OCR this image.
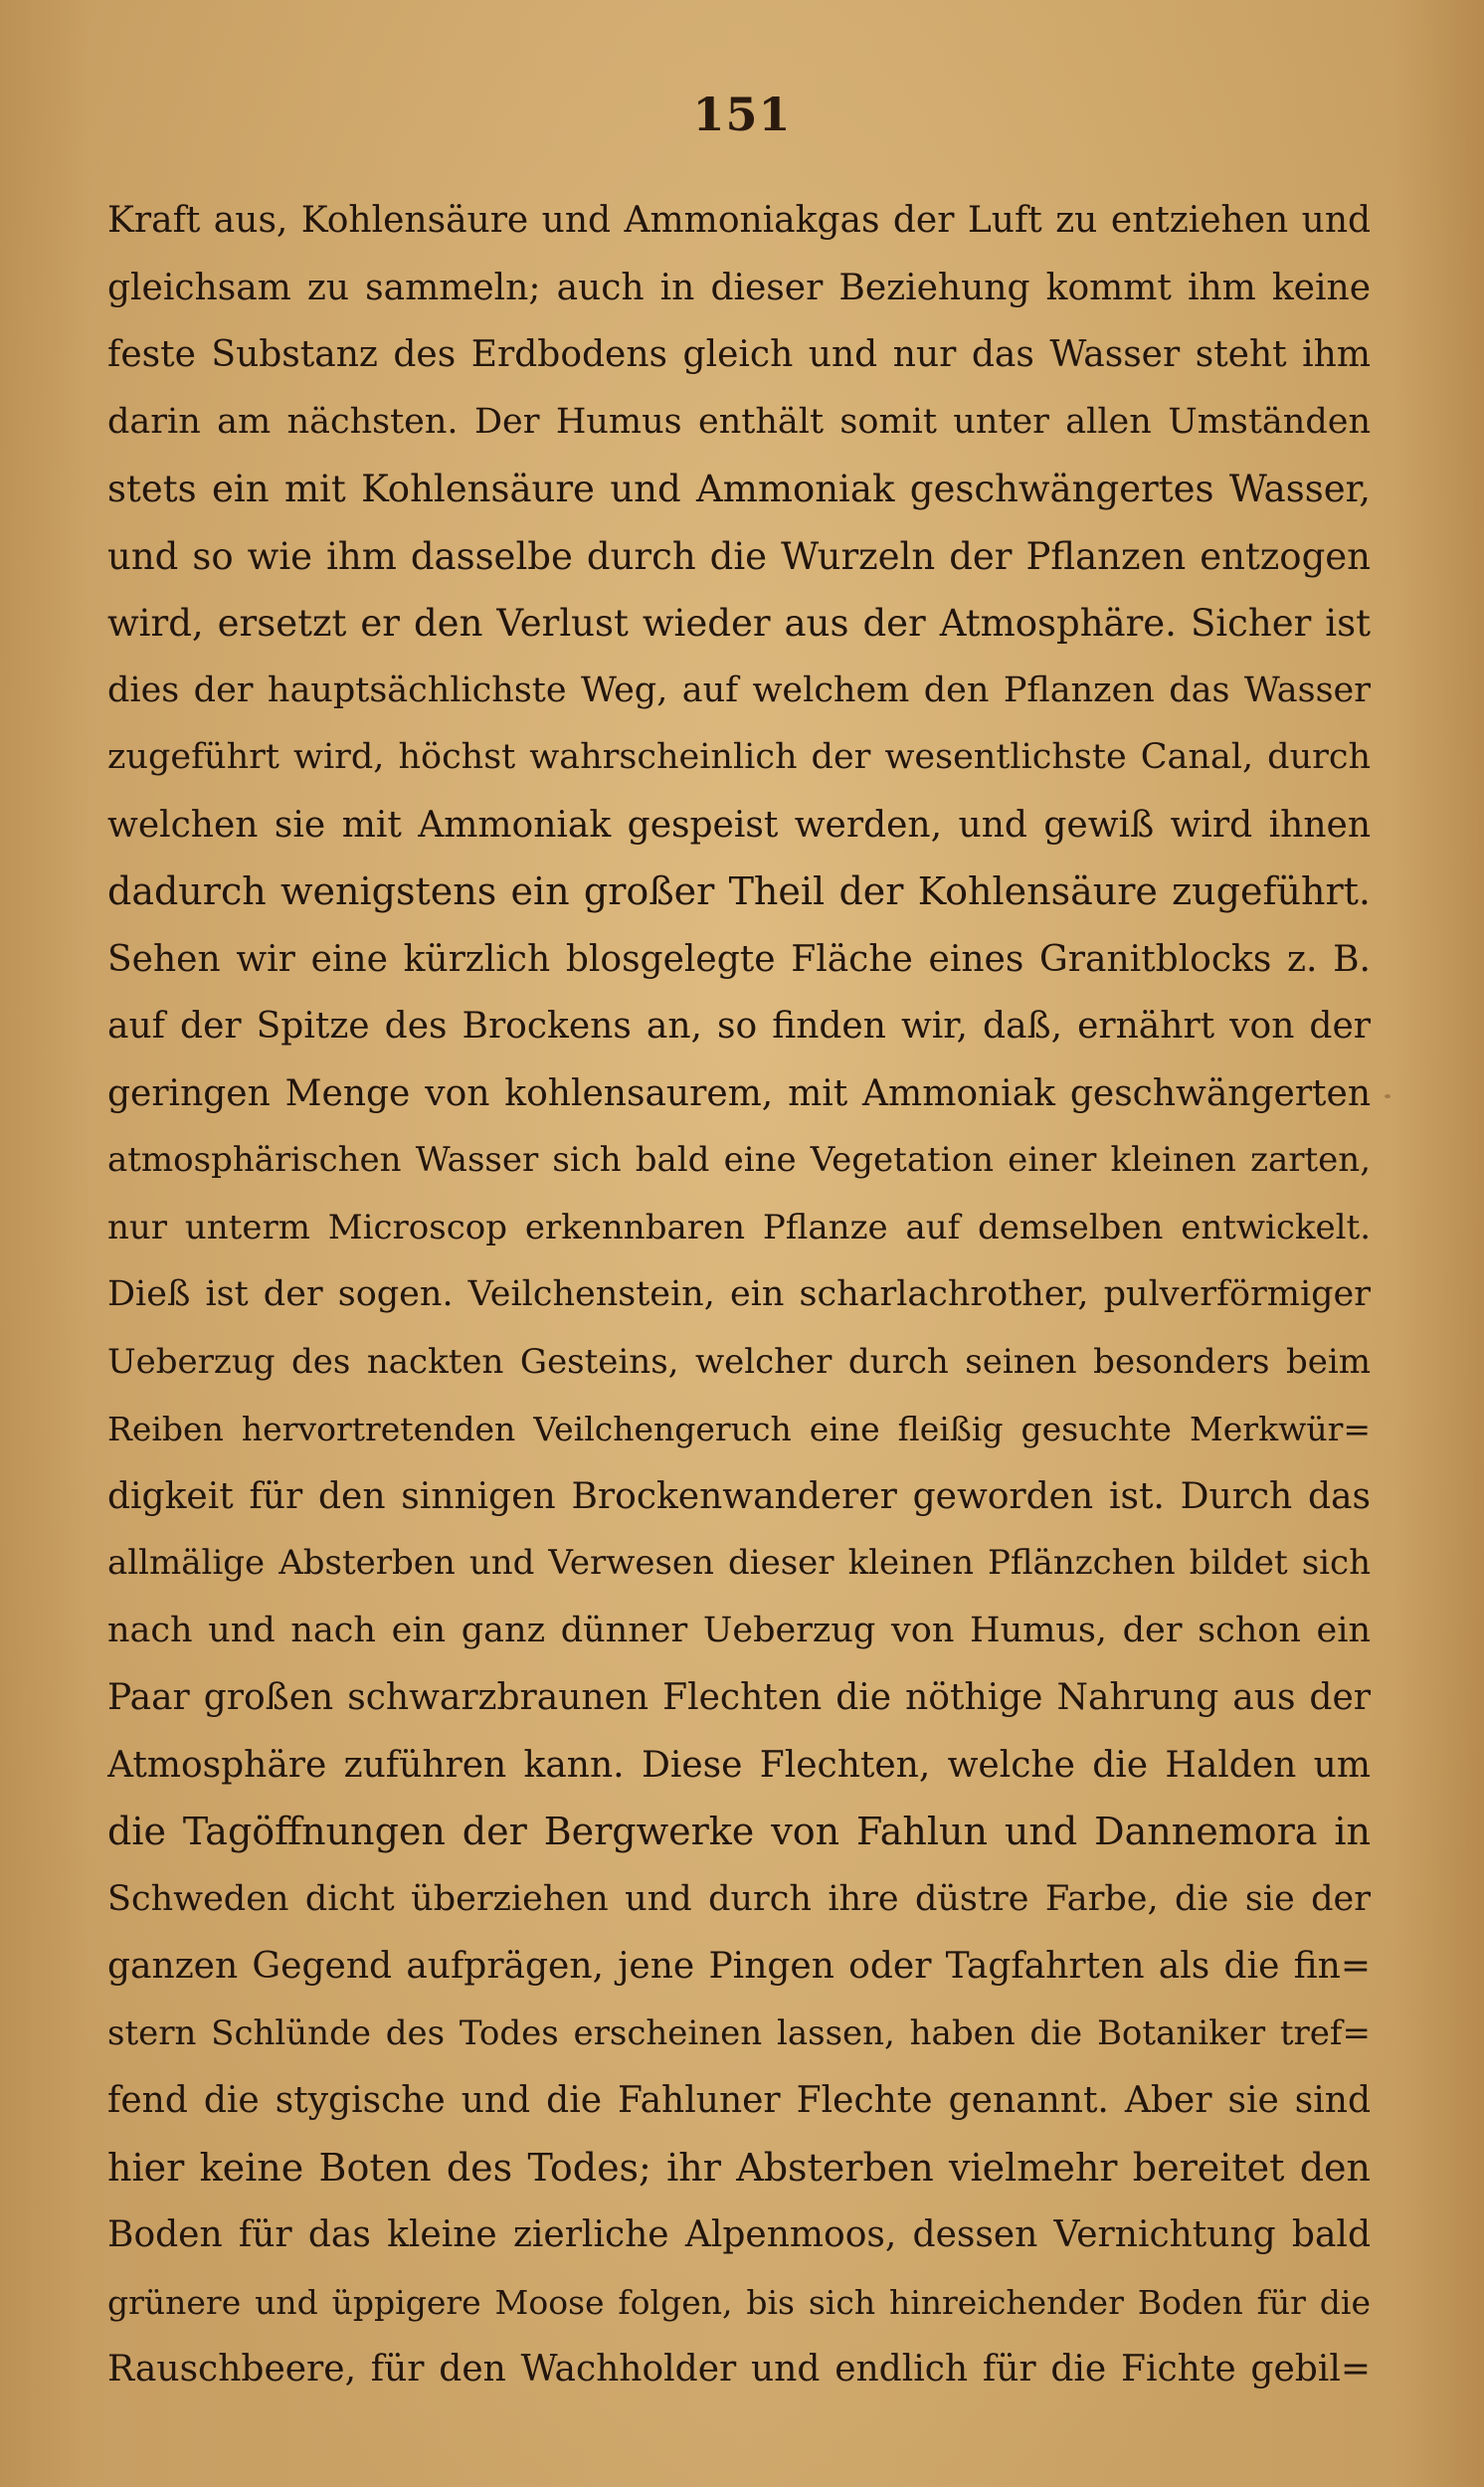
151
Kraft aus, Kohlensäure und Ammoniakgas der Luft zu entziehen und
gleichsam zu sammeln; auch in dieser Beziehung kommt ihm keine
feste Substanz des Erdbodens gleich und nur das Wasser steht ihm
darin am nächsten. Der Humus enthält somit unter allen Umständen
stets ein mit Kohlensäure und Ammoniak geschwängertes Wasser,
und so wie ihm dasselbe durch die Wurzeln der Pflanzen entzogen
wird, ersetzt er den Verlust wieder aus der Atmosphäre. Sicher ist
dies der hauptsächlichste Weg, auf welchem den Pflanzen das Wasser
zugeführt wird, höchst wahrscheinlich der wesentlichste Canal, durch
welchen sie mit Ammoniak gespeist werden, und gewiß wird ihnen
dadurch wenigstens ein großer Theil der Kohlensäure zugeführt.
Sehen wir eine kürzlich blosgelegte Fläche eines Granitblocks z. B.
auf der Spitze des Brockens an, so finden wir, daß, ernährt von der
geringen Menge von kohlensaurem, mit Ammoniak geschwängerten
atmosphärischen Wasser sich bald eine Vegetation einer kleinen zarten,
nur unterm Microscop erkennbaren Pflanze auf demselben entwickelt.
Dieß ist der sogen. Veilchenstein, ein scharlachrother, pulverförmiger
Ueberzug des nackten Gesteins, welcher durch seinen besonders beim
Reiben hervortretenden Veilchengeruch eine fleißig gesuchte Merkwür=
digkeit für den sinnigen Brockenwanderer geworden ist. Durch das
allmälige Absterben und Verwesen dieser kleinen Pflänzchen bildet sich
nach und nach ein ganz dünner Ueberzug von Humus, der schon ein
Paar großen schwarzbraunen Flechten die nöthige Nahrung aus der
Atmosphäre zuführen kann. Diese Flechten, welche die Halden um
die Tagöffnungen der Bergwerke von Fahlun und Dannemora in
Schweden dicht überziehen und durch ihre düstre Farbe, die sie der
ganzen Gegend aufprägen, jene Pingen oder Tagfahrten als die fin=
stern Schlünde des Todes erscheinen lassen, haben die Botaniker tref=
fend die stygische und die Fahluner Flechte genannt. Aber sie sind
hier keine Boten des Todes; ihr Absterben vielmehr bereitet den
Boden für das kleine zierliche Alpenmoos, dessen Vernichtung bald
grünere und üppigere Moose folgen, bis sich hinreichender Boden für die
Rauschbeere, für den Wachholder und endlich für die Fichte gebil=
